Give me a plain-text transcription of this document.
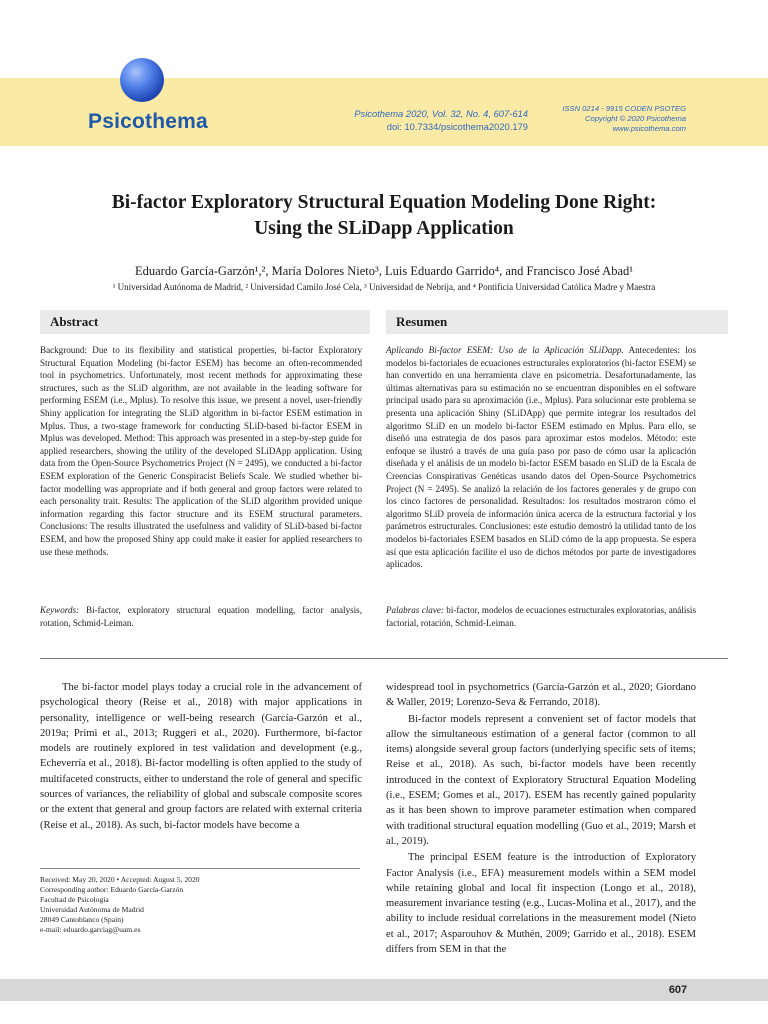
Psicothema	Psicothema 2020, Vol. 32, No. 4, 607-614
doi: 10.7334/psicothema2020.179
ISSN 0214 - 9915 CODEN PSOTEG
Copyright © 2020 Psicothema
www.psicothema.com
Bi-factor Exploratory Structural Equation Modeling Done Right:
Using the SLiDapp Application
Eduardo García-Garzón¹,², María Dolores Nieto³, Luis Eduardo Garrido⁴, and Francisco José Abad¹
¹ Universidad Autónoma de Madrid, ² Universidad Camilo José Cela, ³ Universidad de Nebrija, and ⁴ Pontificia Universidad Católica Madre y Maestra
Abstract	Resumen
Background: Due to its flexibility and statistical properties, bi-factor Exploratory Structural Equation Modeling (bi-factor ESEM) has become an often-recommended tool in psychometrics. Unfortunately, most recent methods for approximating these structures, such as the SLiD algorithm, are not available in the leading software for performing ESEM (i.e., Mplus). To resolve this issue, we present a novel, user-friendly Shiny application for integrating the SLiD algorithm in bi-factor ESEM estimation in Mplus. Thus, a two-stage framework for conducting SLiD-based bi-factor ESEM in Mplus was developed. Method: This approach was presented in a step-by-step guide for applied researchers, showing the utility of the developed SLiDApp application. Using data from the Open-Source Psychometrics Project (N = 2495), we conducted a bi-factor ESEM exploration of the Generic Conspiracist Beliefs Scale. We studied whether bi-factor modelling was appropriate and if both general and group factors were related to each personality trait. Results: The application of the SLiD algorithm provided unique information regarding this factor structure and its ESEM structural parameters. Conclusions: The results illustrated the usefulness and validity of SLiD-based bi-factor ESEM, and how the proposed Shiny app could make it easier for applied researchers to use these methods.
Keywords: Bi-factor, exploratory structural equation modelling, factor analysis, rotation, Schmid-Leiman.
Aplicando Bi-factor ESEM: Uso de la Aplicación SLiDapp. Antecedentes: los modelos bi-factoriales de ecuaciones estructurales exploratorios (bi-factor ESEM) se han convertido en una herramienta clave en psicometría. Desafortunadamente, las últimas alternativas para su estimación no se encuentran disponibles en el software principal usado para su aproximación (i.e., Mplus). Para solucionar este problema se presenta una aplicación Shiny (SLiDApp) que permite integrar los resultados del algoritmo SLiD en un modelo bi-factor ESEM estimado en Mplus. Para ello, se diseñó una estrategia de dos pasos para aproximar estos modelos. Método: este enfoque se ilustró a través de una guía paso por paso de cómo usar la aplicación diseñada y el análisis de un modelo bi-factor ESEM basado en SLiD de la Escala de Creencias Conspirativas Genéticas usando datos del Open-Source Psychometrics Project (N = 2495). Se analizó la relación de los factores generales y de grupo con los cinco factores de personalidad. Resultados: los resultados mostraron cómo el algoritmo SLiD proveía de información única acerca de la estructura factorial y los parámetros estructurales. Conclusiones: este estudio demostró la utilidad tanto de los modelos bi-factoriales ESEM basados en SLiD cómo de la app propuesta. Se espera así que esta aplicación facilite el uso de dichos métodos por parte de investigadores aplicados.
Palabras clave: bi-factor, modelos de ecuaciones estructurales exploratorias, análisis factorial, rotación, Schmid-Leiman.

The bi-factor model plays today a crucial role in the advancement of psychological theory (Reise et al., 2018) with major applications in personality, intelligence or well-being research (García-Garzón et al., 2019a; Primi et al., 2013; Ruggeri et al., 2020). Furthermore, bi-factor models are routinely explored in test validation and development (e.g., Echeverría et al., 2018). Bi-factor modelling is often applied to the study of multifaceted constructs, either to understand the role of general and specific sources of variances, the reliability of global and subscale composite scores or the extent that general and group factors are related with external criteria (Reise et al., 2018). As such, bi-factor models have become a

widespread tool in psychometrics (García-Garzón et al., 2020; Giordano & Waller, 2019; Lorenzo-Seva & Ferrando, 2018).

Bi-factor models represent a convenient set of factor models that allow the simultaneous estimation of a general factor (common to all items) alongside several group factors (underlying specific sets of items; Reise et al., 2018). As such, bi-factor models have been recently introduced in the context of Exploratory Structural Equation Modeling (i.e., ESEM; Gomes et al., 2017). ESEM has recently gained popularity as it has been shown to improve parameter estimation when compared with traditional structural equation modelling (Guo et al., 2019; Marsh et al., 2019).

The principal ESEM feature is the introduction of Exploratory Factor Analysis (i.e., EFA) measurement models within a SEM model while retaining global and local fit inspection (Longo et al., 2018), measurement invariance testing (e.g., Lucas-Molina et al., 2017), and the ability to include residual correlations in the measurement model (Nieto et al., 2017; Asparouhov & Muthén, 2009; Garrido et al., 2018). ESEM differs from SEM in that the

Received: May 20, 2020 • Accepted: August 5, 2020
Corresponding author: Eduardo García-Garzón
Facultad de Psicología
Universidad Autónoma de Madrid
28049 Cantoblanco (Spain)
e-mail: eduardo.garciag@uam.es
607
